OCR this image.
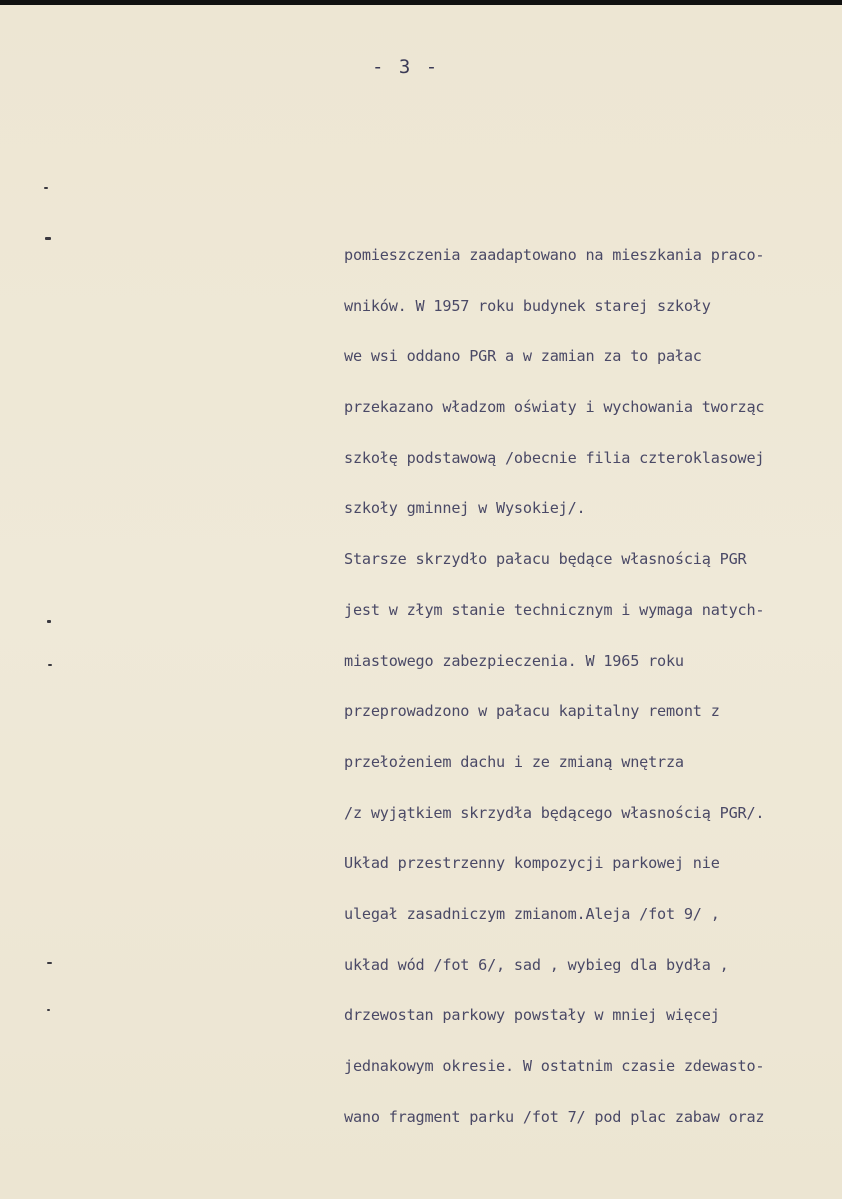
- 3 -
pomieszczenia zaadaptowano na mieszkania praco-
wników. W 1957 roku budynek starej szkoły
we wsi oddano PGR a w zamian za to pałac
przekazano władzom oświaty i wychowania tworząc
szkołę podstawową /obecnie filia czteroklasowej
szkoły gminnej w Wysokiej/.
Starsze skrzydło pałacu będące własnością PGR
jest w złym stanie technicznym i wymaga natych-
miastowego zabezpieczenia. W 1965 roku
przeprowadzono w pałacu kapitalny remont z
przełożeniem dachu i ze zmianą wnętrza
/z wyjątkiem skrzydła będącego własnością PGR/.
Układ przestrzenny kompozycji parkowej nie
ulegał zasadniczym zmianom.Aleja /fot 9/ ,
układ wód /fot 6/, sad , wybieg dla bydła ,
drzewostan parkowy powstały w mniej więcej
jednakowym okresie. W ostatnim czasie zdewasto-
wano fragment parku /fot 7/ pod plac zabaw oraz
